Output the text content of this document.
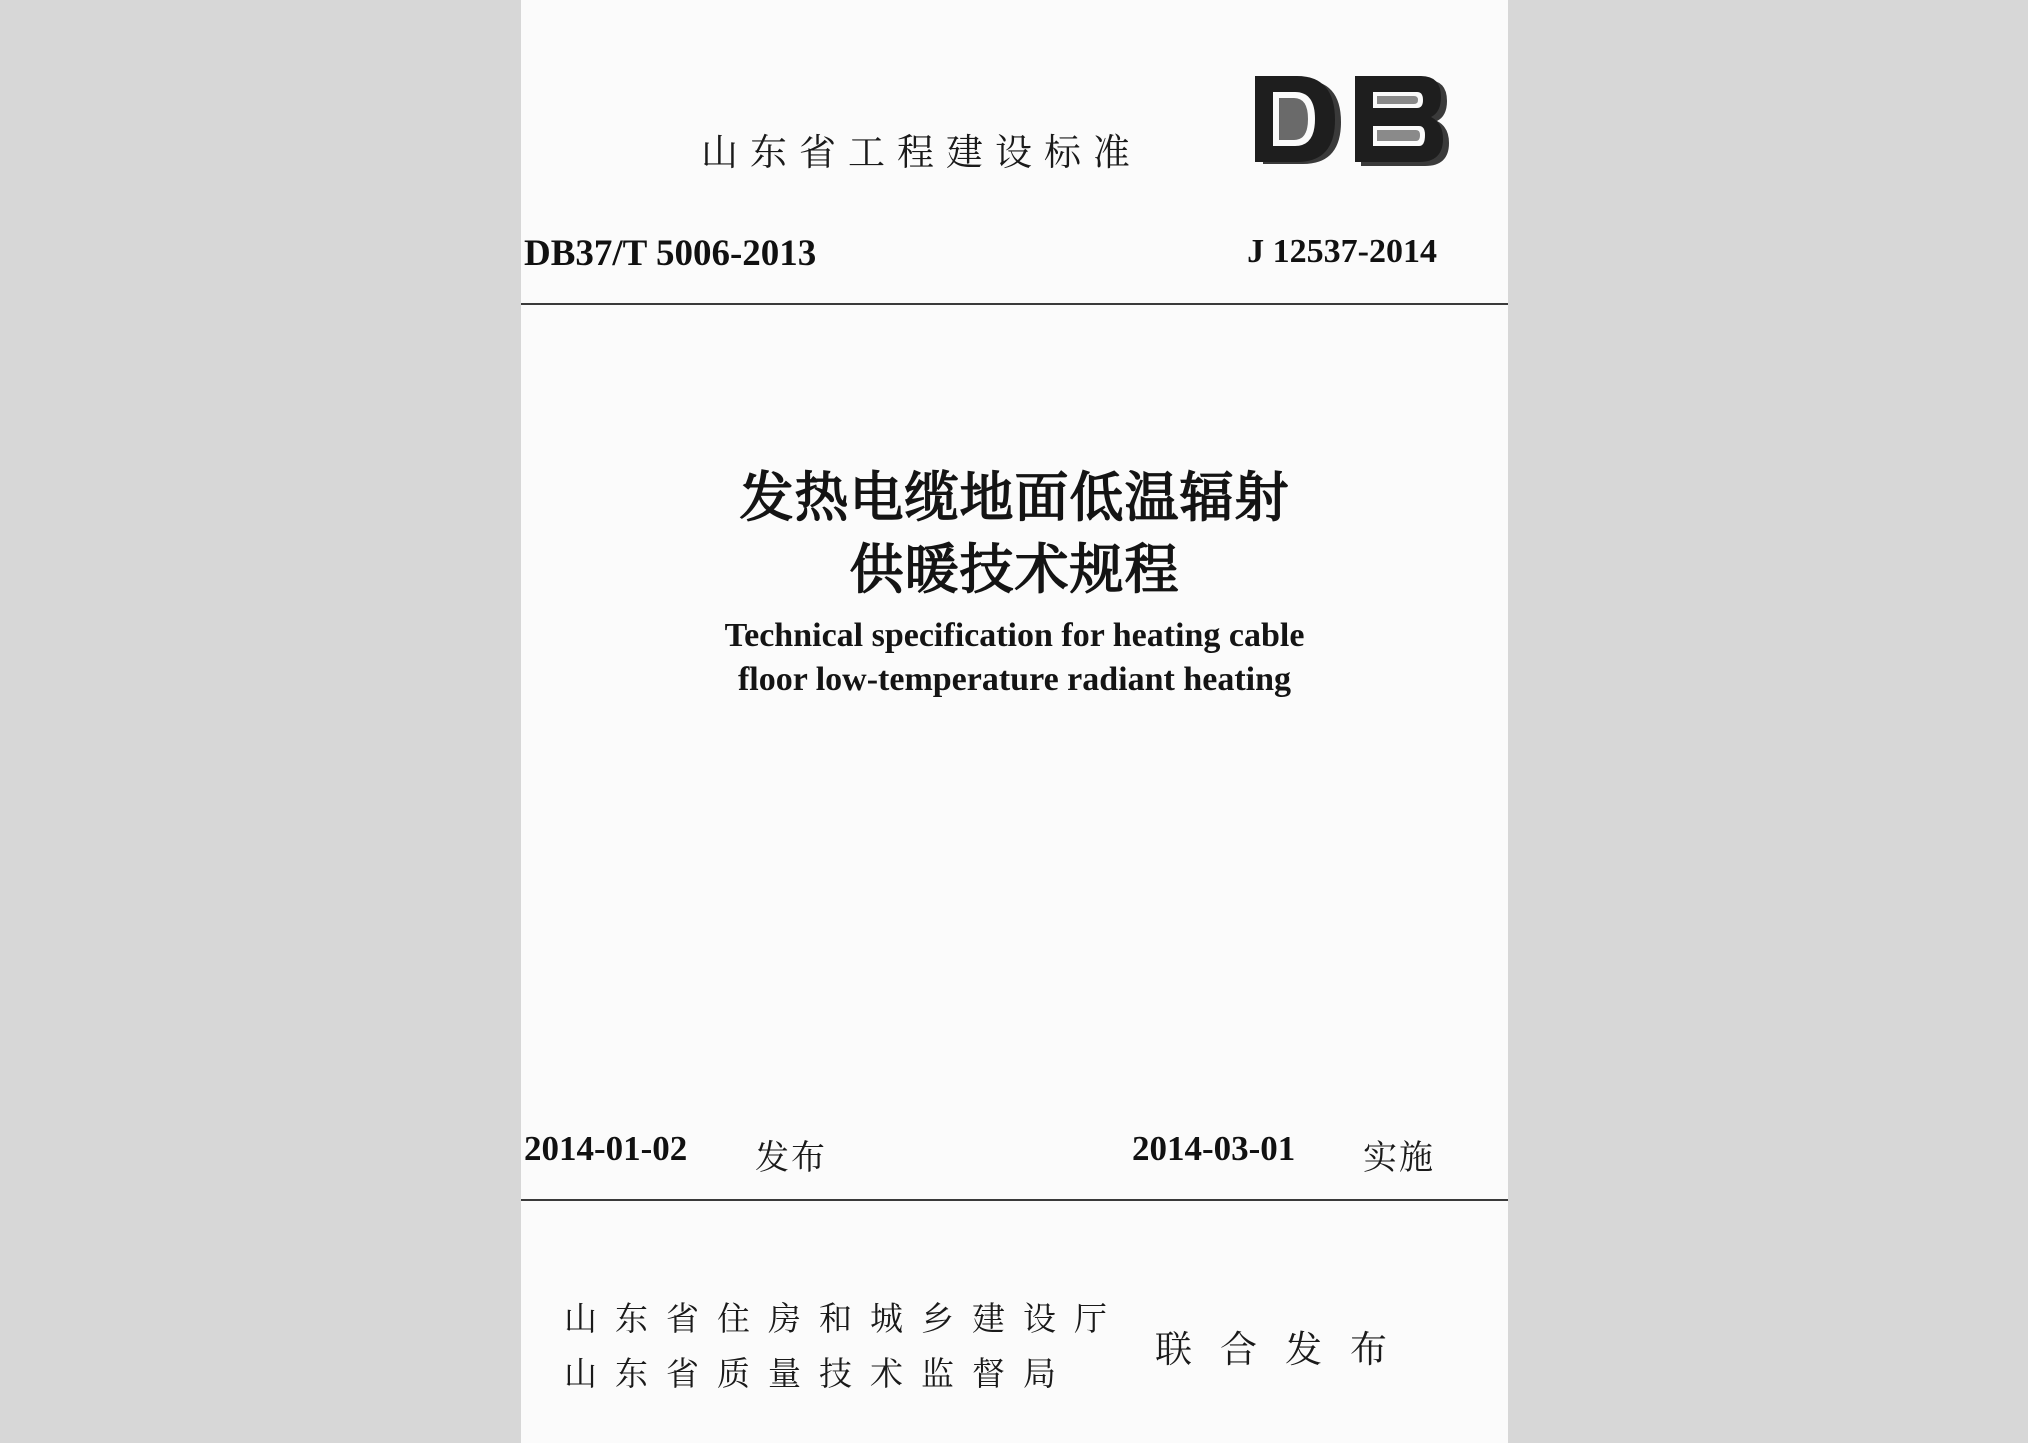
山东省工程建设标准
DB37/T 5006-2013	J 12537-2014
发热电缆地面低温辐射
供暖技术规程
Technical specification for heating cable
floor low-temperature radiant heating
2014-01-02 发布	2014-03-01 实施
山东省住房和城乡建设厅
山东省质量技术监督局
联合发布
